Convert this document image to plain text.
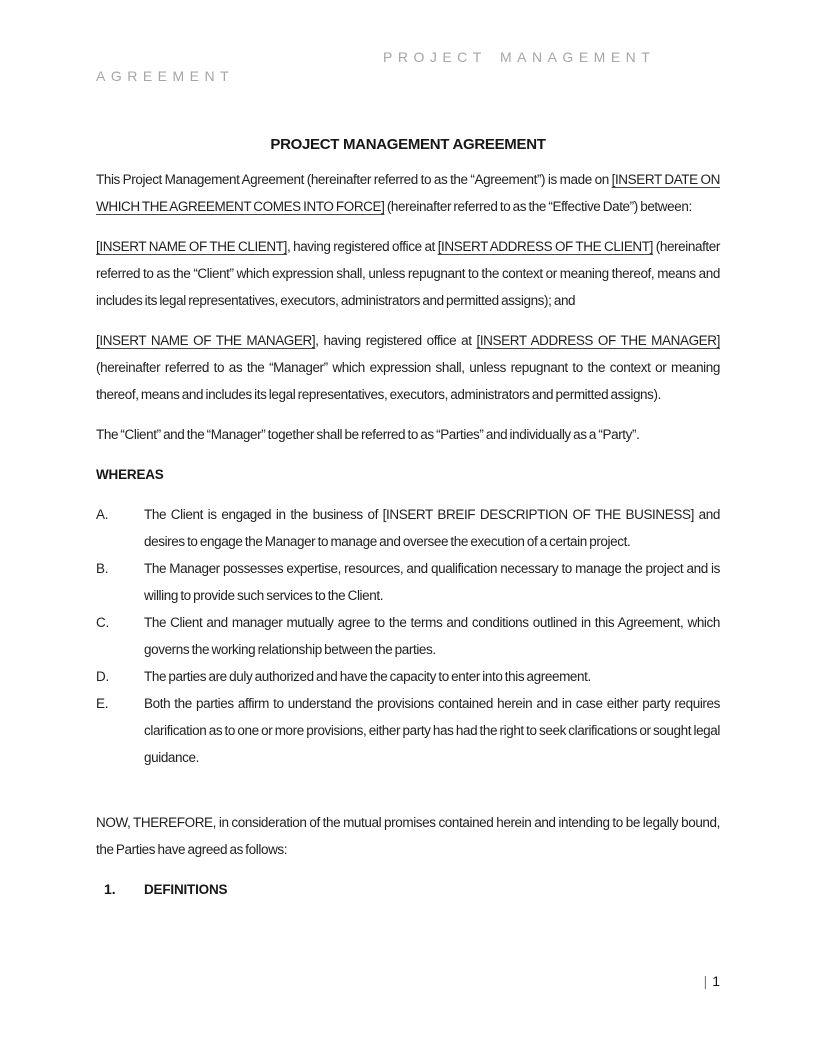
PROJECT MANAGEMENT AGREEMENT
PROJECT MANAGEMENT AGREEMENT

This Project Management Agreement (hereinafter referred to as the “Agreement”) is made on [INSERT DATE ON WHICH THE AGREEMENT COMES INTO FORCE] (hereinafter referred to as the “Effective Date”) between:

[INSERT NAME OF THE CLIENT], having registered office at [INSERT ADDRESS OF THE CLIENT] (hereinafter referred to as the “Client” which expression shall, unless repugnant to the context or meaning thereof, means and includes its legal representatives, executors, administrators and permitted assigns); and

[INSERT NAME OF THE MANAGER], having registered office at [INSERT ADDRESS OF THE MANAGER] (hereinafter referred to as the “Manager” which expression shall, unless repugnant to the context or meaning thereof, means and includes its legal representatives, executors, administrators and permitted assigns).

The “Client” and the “Manager” together shall be referred to as “Parties” and individually as a “Party”.

WHEREAS

A.	The Client is engaged in the business of [INSERT BREIF DESCRIPTION OF THE BUSINESS] and desires to engage the Manager to manage and oversee the execution of a certain project.
B.	The Manager possesses expertise, resources, and qualification necessary to manage the project and is willing to provide such services to the Client.
C.	The Client and manager mutually agree to the terms and conditions outlined in this Agreement, which governs the working relationship between the parties.
D.	The parties are duly authorized and have the capacity to enter into this agreement.
E.	Both the parties affirm to understand the provisions contained herein and in case either party requires clarification as to one or more provisions, either party has had the right to seek clarifications or sought legal guidance.

NOW, THEREFORE, in consideration of the mutual promises contained herein and intending to be legally bound, the Parties have agreed as follows:

1.	DEFINITIONS
| 1
